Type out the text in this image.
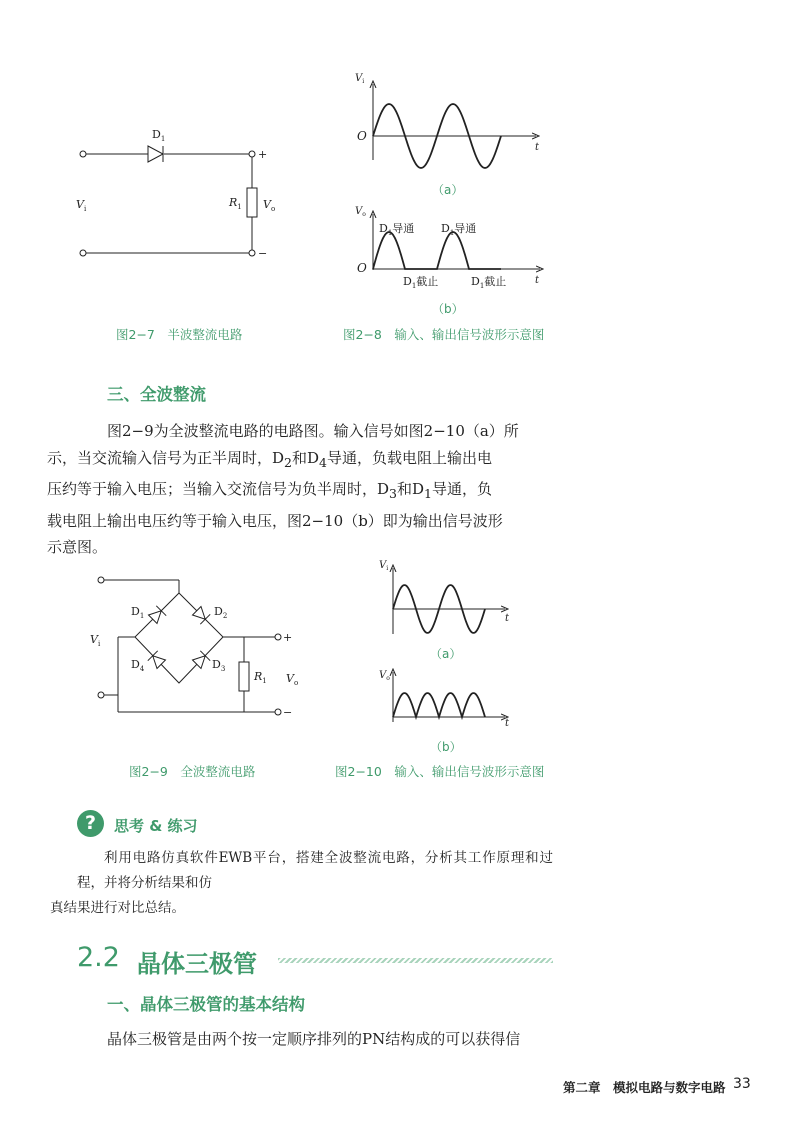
$D_1$
$V_i$	$R_1$ $V_o$
+
−
图2−7　半波整流电路
$V_i$
O
t
$V_o$
O
t
$D_1$导通 $D_1$导通
$D_1$截止	$D_1$截止
（a）
（b）
图2−8　输入、输出信号波形示意图
三、全波整流

图2−9为全波整流电路的电路图。输入信号如图2−10（a）所
示，当交流输入信号为正半周时，$D_2$和$D_4$导通，负载电阻上输出电
压约等于输入电压；当输入交流信号为负半周时，$D_3$和$D_1$导通，负
载电阻上输出电压约等于输入电压，图2−10（b）即为输出信号波形
示意图。

$D_1$	$D_2$
$D_4$	$D_3$
$V_i$
$R_1$ $V_o$
+
−
图2−9　全波整流电路
$V_i$
t
$V_o$
t
（a）
（b）
图2−10　输入、输出信号波形示意图
?	思考 & 练习

利用电路仿真软件EWB平台，搭建全波整流电路，分析其工作原理和过程，并将分析结果和仿
真结果进行对比总结。

2.2 晶体三极管
一、晶体三极管的基本结构

晶体三极管是由两个按一定顺序排列的PN结构成的可以获得信

第二章　模拟电路与数字电路 33
